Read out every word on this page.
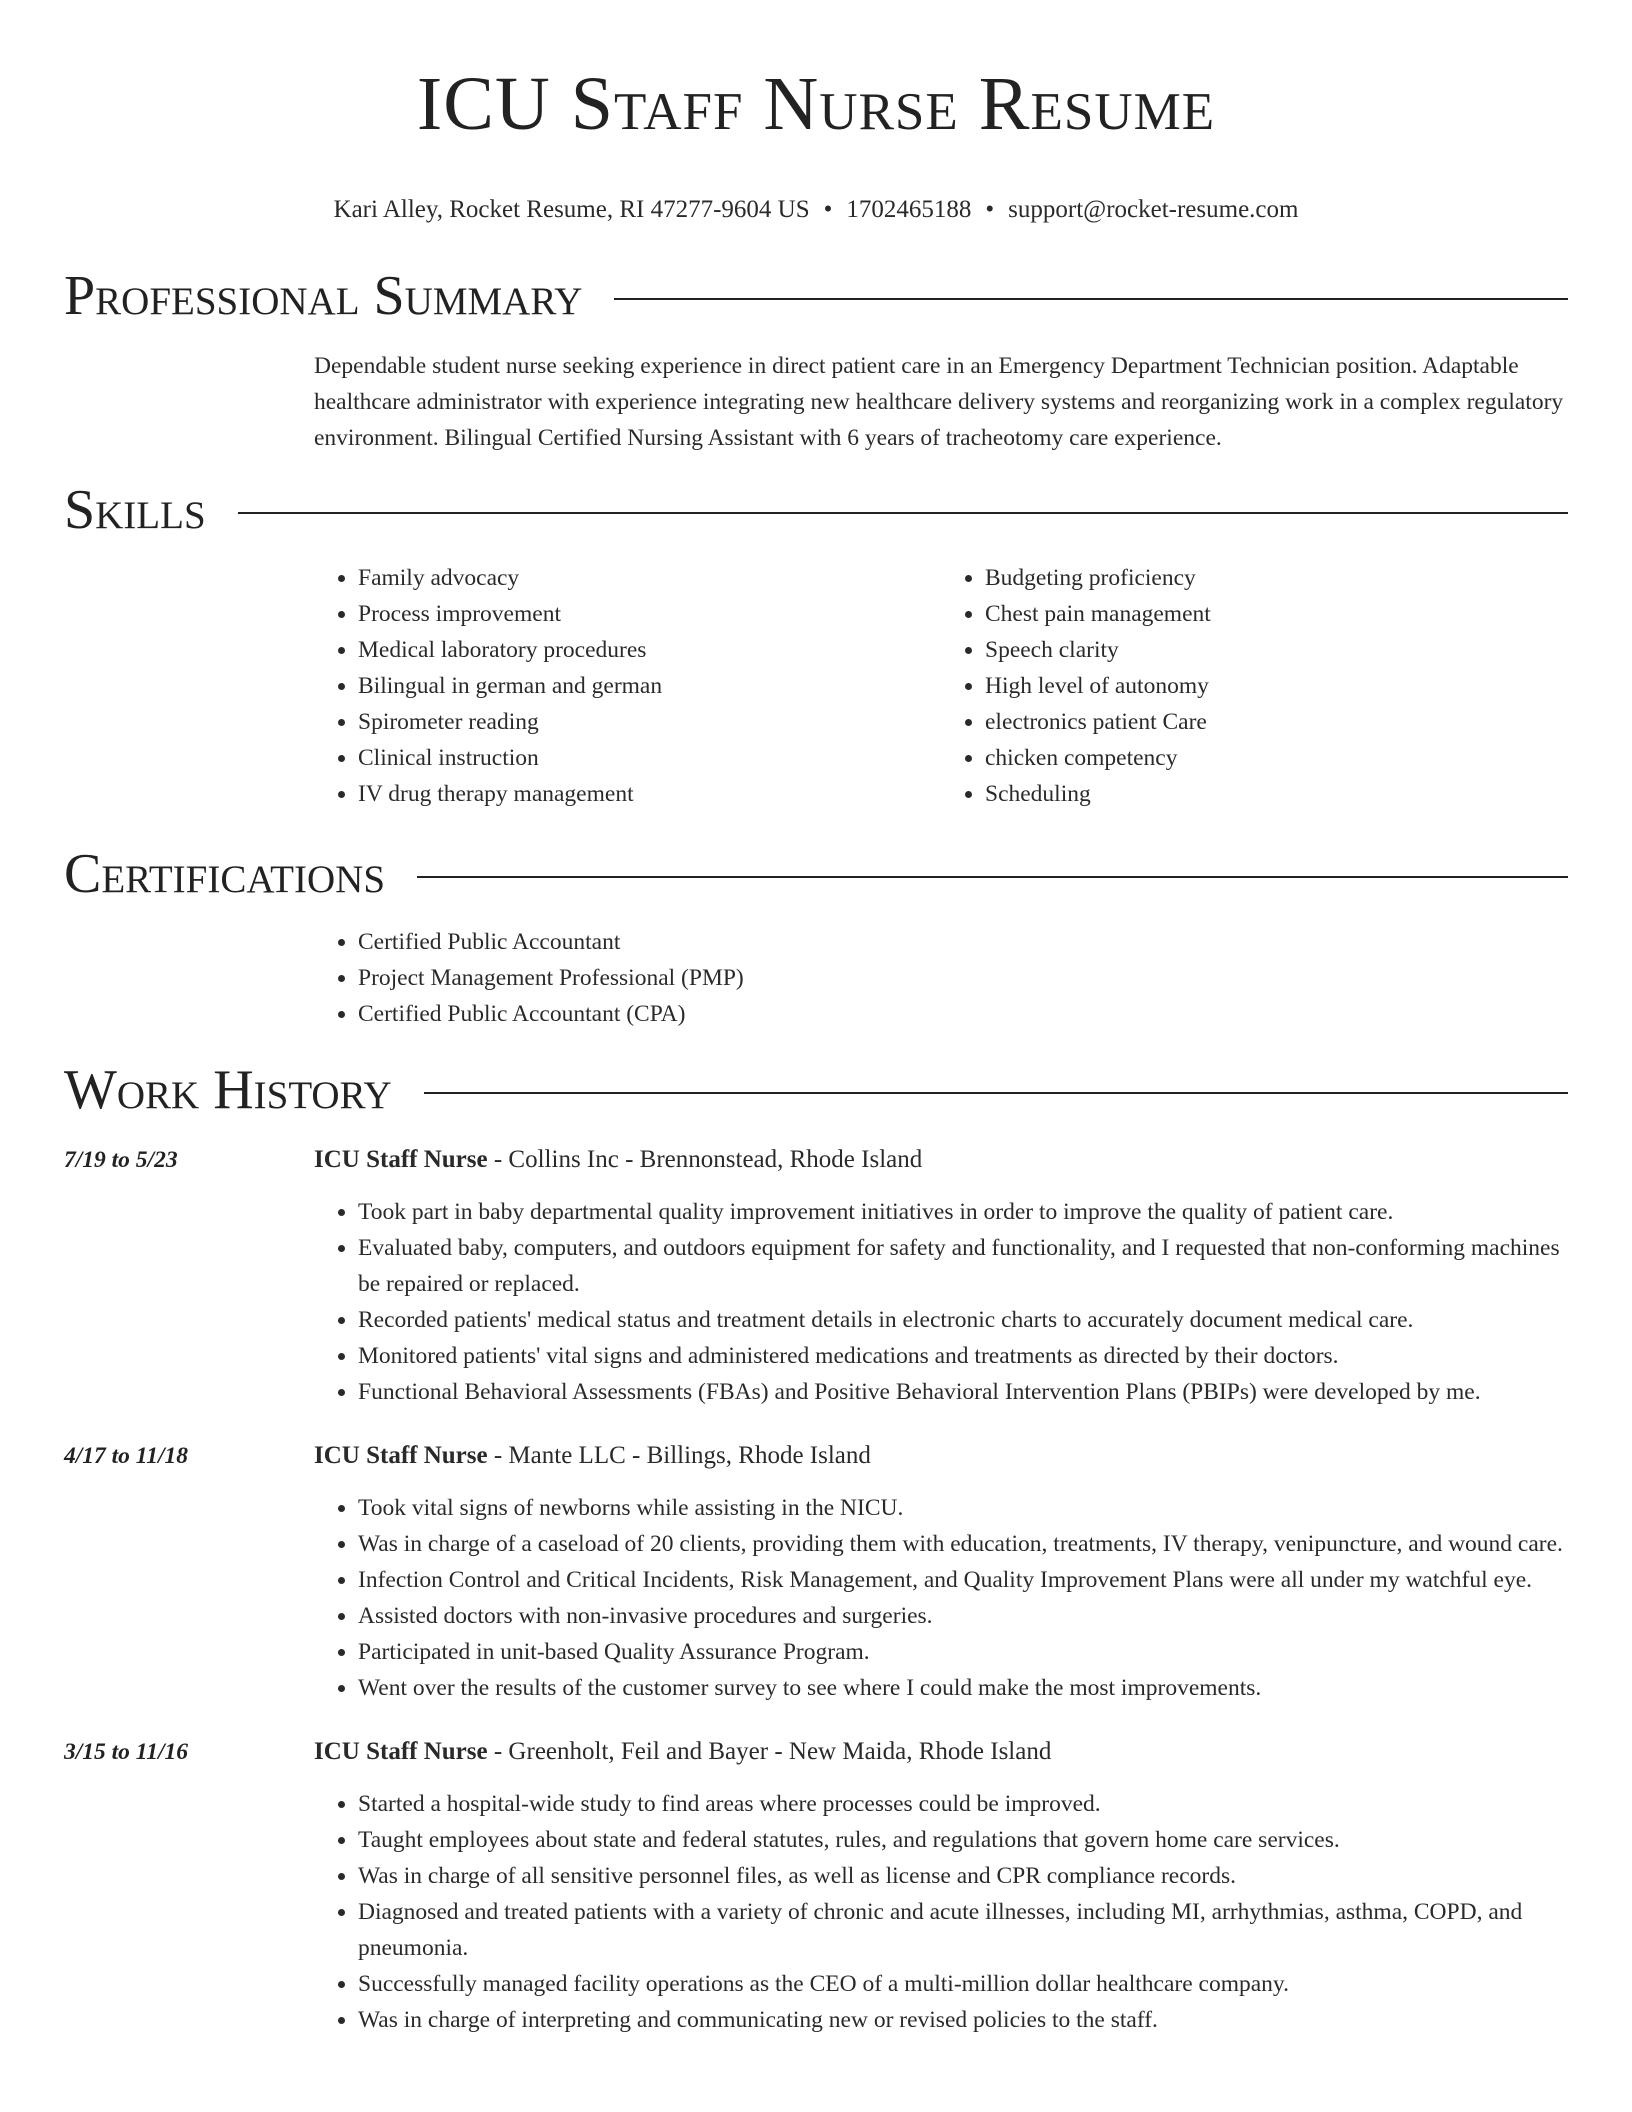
ICU Staff Nurse Resume
Kari Alley, Rocket Resume, RI 47277-9604 US • 1702465188 • support@rocket-resume.com
Professional Summary
Dependable student nurse seeking experience in direct patient care in an Emergency Department Technician position. Adaptable healthcare administrator with experience integrating new healthcare delivery systems and reorganizing work in a complex regulatory environment. Bilingual Certified Nursing Assistant with 6 years of tracheotomy care experience.
Skills
• Family advocacy
• Process improvement
• Medical laboratory procedures
• Bilingual in german and german
• Spirometer reading
• Clinical instruction
• IV drug therapy management
• Budgeting proficiency
• Chest pain management
• Speech clarity
• High level of autonomy
• electronics patient Care
• chicken competency
• Scheduling
Certifications
• Certified Public Accountant
• Project Management Professional (PMP)
• Certified Public Accountant (CPA)
Work History
7/19 to 5/23	ICU Staff Nurse - Collins Inc - Brennonstead, Rhode Island
• Took part in baby departmental quality improvement initiatives in order to improve the quality of patient care.
• Evaluated baby, computers, and outdoors equipment for safety and functionality, and I requested that non-conforming machines be repaired or replaced.
• Recorded patients' medical status and treatment details in electronic charts to accurately document medical care.
• Monitored patients' vital signs and administered medications and treatments as directed by their doctors.
• Functional Behavioral Assessments (FBAs) and Positive Behavioral Intervention Plans (PBIPs) were developed by me.
4/17 to 11/18	ICU Staff Nurse - Mante LLC - Billings, Rhode Island
• Took vital signs of newborns while assisting in the NICU.
• Was in charge of a caseload of 20 clients, providing them with education, treatments, IV therapy, venipuncture, and wound care.
• Infection Control and Critical Incidents, Risk Management, and Quality Improvement Plans were all under my watchful eye.
• Assisted doctors with non-invasive procedures and surgeries.
• Participated in unit-based Quality Assurance Program.
• Went over the results of the customer survey to see where I could make the most improvements.
3/15 to 11/16	ICU Staff Nurse - Greenholt, Feil and Bayer - New Maida, Rhode Island
• Started a hospital-wide study to find areas where processes could be improved.
• Taught employees about state and federal statutes, rules, and regulations that govern home care services.
• Was in charge of all sensitive personnel files, as well as license and CPR compliance records.
• Diagnosed and treated patients with a variety of chronic and acute illnesses, including MI, arrhythmias, asthma, COPD, and pneumonia.
• Successfully managed facility operations as the CEO of a multi-million dollar healthcare company.
• Was in charge of interpreting and communicating new or revised policies to the staff.
